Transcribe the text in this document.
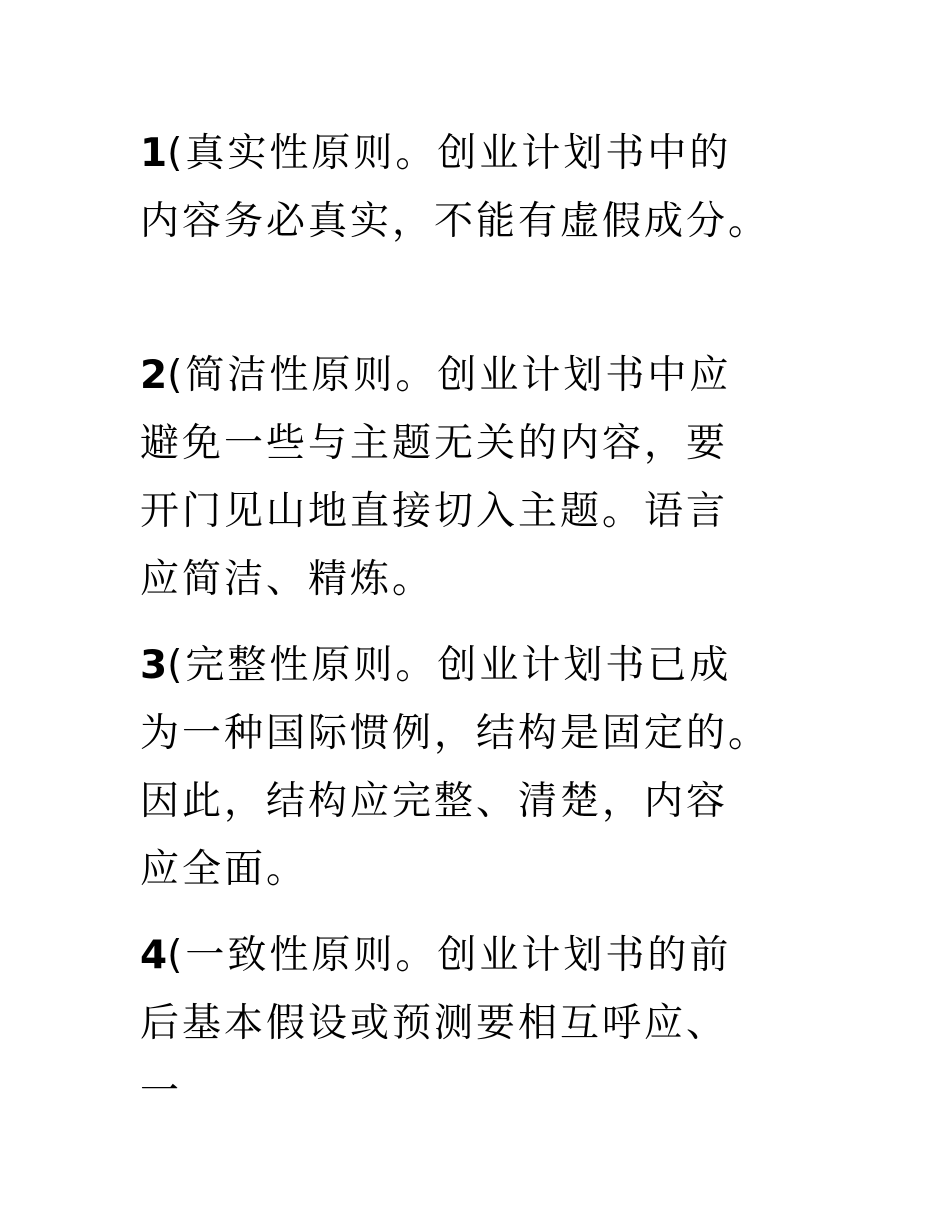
1(真实性原则。创业计划书中的
内容务必真实，不能有虚假成分。

2(简洁性原则。创业计划书中应
避免一些与主题无关的内容，要
开门见山地直接切入主题。语言
应简洁、精炼。

3(完整性原则。创业计划书已成
为一种国际惯例，结构是固定的。
因此，结构应完整、清楚，内容
应全面。

4(一致性原则。创业计划书的前
后基本假设或预测要相互呼应、
一
